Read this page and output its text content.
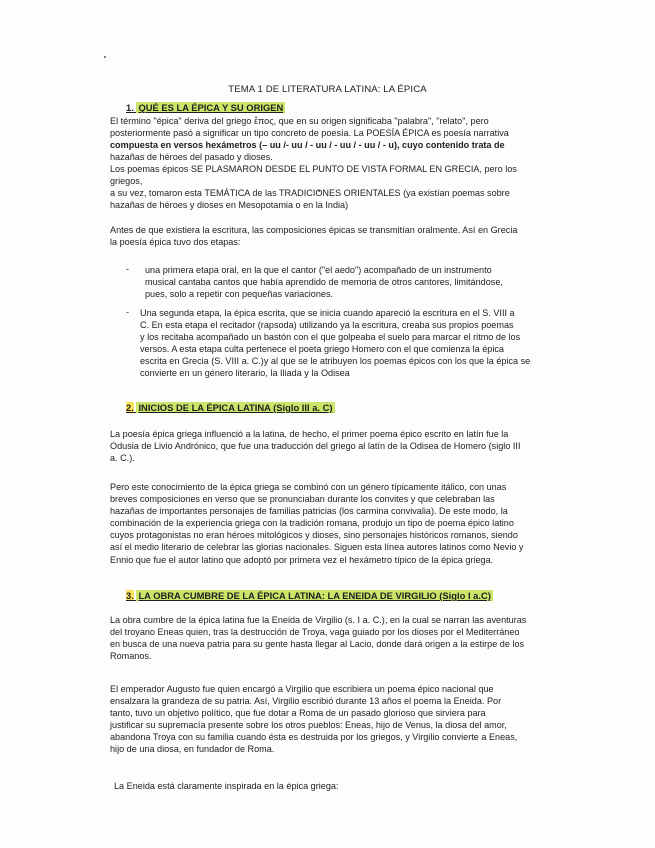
TEMA 1 DE LITERATURA LATINA: LA ÉPICA
1. QUÉ ES LA ÉPICA Y SU ORIGEN
El término "épica" deriva del griego ἔπος, que en su origen significaba "palabra", "relato", pero
posteriormente pasó a significar un tipo concreto de poesía. La POESÍA ÉPICA es poesía narrativa
compuesta en versos hexámetros (– uu /- uu / - uu / - uu / - uu / - u), cuyo contenido trata de
hazañas de héroes del pasado y dioses.
Los poemas épicos SE PLASMARON DESDE EL PUNTO DE VISTA FORMAL EN GRECIA, pero los griegos,
a su vez, tomaron esta TEMÁTICA de las TRADICIONES ORIENTALES (ya existían poemas sobre
hazañas de héroes y dioses en Mesopotamia o en la India)
Antes de que existiera la escritura, las composiciones épicas se transmitían oralmente. Así en Grecia
la poesía épica tuvo dos etapas:
- una primera etapa oral, en la que el cantor ("el aedo") acompañado de un instrumento
musical cantaba cantos que había aprendido de memoria de otros cantores, limitándose,
pues, solo a repetir con pequeñas variaciones.
- Una segunda etapa, la épica escrita, que se inicia cuando apareció la escritura en el S. VIII a
C. En esta etapa el recitador (rapsoda) utilizando ya la escritura, creaba sus propios poemas
y los recitaba acompañado un bastón con el que golpeaba el suelo para marcar el ritmo de los
versos. A esta etapa culta pertenece el poeta griego Homero con el que comienza la épica
escrita en Grecia (S. VIII a. C.)y al que se le atribuyen los poemas épicos con los que la épica se
convierte en un género literario, la Iliada y la Odisea
2. INICIOS DE LA ÉPICA LATINA (Siglo III a. C)
La poesía épica griega influenció a la latina, de hecho, el primer poema épico escrito en latín fue la
Odusia de Livio Andrónico, que fue una traducción del griego al latín de la Odisea de Homero (siglo III
a. C.).
Pero este conocimiento de la épica griega se combinó con un género típicamente itálico, con unas
breves composiciones en verso que se pronunciaban durante los convites y que celebraban las
hazañas de importantes personajes de familias patricias (los carmina convivalia). De este modo, la
combinación de la experiencia griega con la tradición romana, produjo un tipo de poema épico latino
cuyos protagonistas no eran héroes mitológicos y dioses, sino personajes históricos romanos, siendo
así el medio literario de celebrar las glorias nacionales. Siguen esta línea autores latinos como Nevio y
Ennio que fue el autor latino que adoptó por primera vez el hexámetro típico de la épica griega.
3. LA OBRA CUMBRE DE LA ÉPICA LATINA: LA ENEIDA DE VIRGILIO (Siglo I a.C)
La obra cumbre de la épica latina fue la Eneida de Virgilio (s. I a. C.), en la cual se narran las aventuras
del troyano Eneas quien, tras la destrucción de Troya, vaga guiado por los dioses por el Mediterráneo
en busca de una nueva patria para su gente hasta llegar al Lacio, donde dará origen a la estirpe de los
Romanos.
El emperador Augusto fue quien encargó a Virgilio que escribiera un poema épico nacional que
ensalzara la grandeza de su patria. Así, Virgilio escribió durante 13 años el poema la Eneida. Por
tanto, tuvo un objetivo político, que fue dotar a Roma de un pasado glorioso que sirviera para
justificar su supremacía presente sobre los otros pueblos: Eneas, hijo de Venus, la diosa del amor,
abandona Troya con su familia cuando ésta es destruida por los griegos, y Virgilio convierte a Eneas,
hijo de una diosa, en fundador de Roma.
La Eneida está claramente inspirada en la épica griega:
